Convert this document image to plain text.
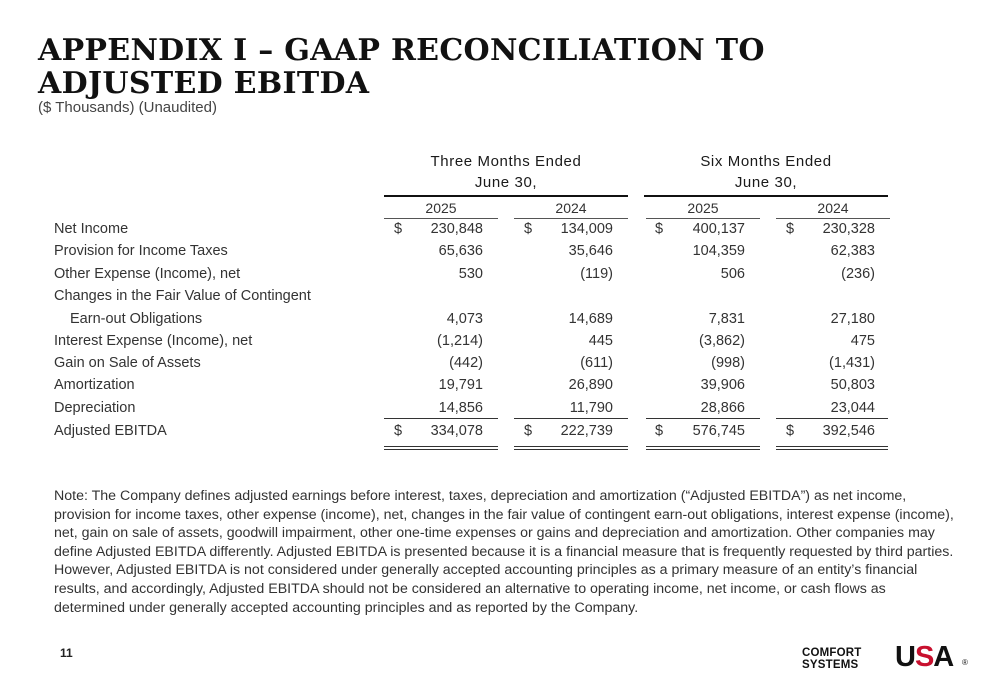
APPENDIX I – GAAP RECONCILIATION TO ADJUSTED EBITDA
($ Thousands) (Unaudited)
Three Months Ended
June 30,
Six Months Ended
June 30,
2025	2024	2025	2024
Net Income	$	230,848	$	134,009	$	400,137	$	230,328
Provision for Income Taxes	65,636	35,646	104,359	62,383
Other Expense (Income), net	530	(119)	506	(236)
Changes in the Fair Value of Contingent
Earn-out Obligations	4,073	14,689	7,831	27,180
Interest Expense (Income), net	(1,214)	445	(3,862)	475
Gain on Sale of Assets	(442)	(611)	(998)	(1,431)
Amortization	19,791	26,890	39,906	50,803
Depreciation	14,856	11,790	28,866	23,044
Adjusted EBITDA	$	334,078	$	222,739	$	576,745	$	392,546

Note: The Company defines adjusted earnings before interest, taxes, depreciation and amortization (“Adjusted EBITDA”) as net income, provision for income taxes, other expense (income), net, changes in the fair value of contingent earn-out obligations, interest expense (income), net, gain on sale of assets, goodwill impairment, other one-time expenses or gains and depreciation and amortization. Other companies may define Adjusted EBITDA differently. Adjusted EBITDA is presented because it is a financial measure that is frequently requested by third parties. However, Adjusted EBITDA is not considered under generally accepted accounting principles as a primary measure of an entity’s financial results, and accordingly, Adjusted EBITDA should not be considered an alternative to operating income, net income, or cash flows as determined under generally accepted accounting principles and as reported by the Company.

11	COMFORT
SYSTEMS USA ®
